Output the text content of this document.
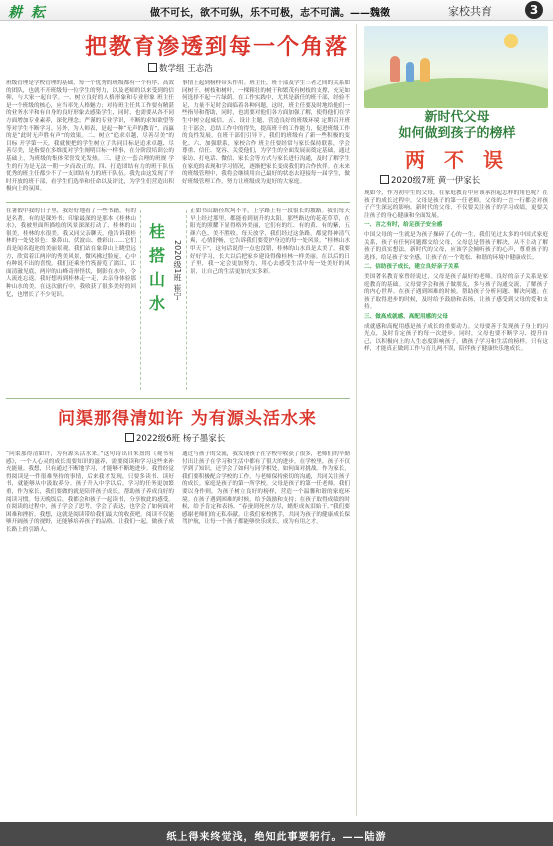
耕 耘	做不可长，欲不可纵，乐不可极，志不可满。——魏徵	家校共育	3
把教育渗透到每一个角落
数学组 王志浩
班级管理是学校管理的基础，每一个优秀的班级都有一个有序、高效的团队，也就不开班级每一位学生的努力，以及老师的以来受到的信仰，与大家一起自学。一、树立良好的人格形象和专业形象 班主任是一个班级的核心，应当率先人格魅力；对待班主任其工作要有精湛的业务水平和有自身的良好形象去感染学生，同时，也需要从各不同方面增加专业素养，深化理念；严谨的专业学识，不断的求知欲望等等对学生不断学习。另外，为人师表，是起一种“无声的教育”，而赢的是“此时无声胜有声”的效果。二、树立“追求卓越，尽善尽美”的目标 开学第一天，我就便把的学生树立了共同目标是追求卓越、尽善尽美，是指要在多维度对学生阐明目标一样事，在分阶段培训公的基础上，为班级的集体荣誉发光发热。三、建立一套合理的班规 学生的行为是无法一朝一夕而改正的。四、打造团结有力的班干队伍 优秀的班主任都少不了一支团结有力的班干队伍。我先由这发现了平时开放的班干部，看学生们选举和任命以及评比，为学生们营造出积极向上的氛围。
事情上起到榜样带头作用。班主任，班干部及学生三者之间的关系如同树干、树枝和树叶，一棵粗壮的树干和繁茂有树枝的支撑，充足如何选择不起一片绿荫。在工作实践中，尤其是新任的班干部，经验不足，力量不足时会面临着各种问题，这时，班主任要及时地给他们一些指导和帮助，同时，也需要对他们各方面加强了解，使得他们在学生中树立起威信。五、设计主题，营造良好的班级环境 定期召开班主干部会，总结工作中的得失，提高班干的工作能力，促进班级工作的良性发展。在班干部们引导下，我们的班级有了新一些积极的变化。六、加强联系，家校合作 班主任要经常与家长保持联系，学会尊重、信任、宽容、关爱他们，为学生的全面发展而奠定基础，通过家访、打电话、微信、家长会等方式与家长进行沟通，及时了解学生在家庭的表现和学习情况，逐渐把家长变成我们的合作伙伴。在未来的班级管理中，我将会继续用自己最好的状态去迎接每一届学生，做好班级管理工作，努力让班级成为更好的大家庭。
在暑假中我的日子里，我好好地看了一些书籍，有的是名著，有的是课外书；印象最深的是那本《桂林山水》，我被里面所描绘的风景深深打动了，桂林的山很美，桂林的水很美。我又同父亲聊天，他告诉我桂林的一处处景色：象鼻山、伏波山、叠彩山……它们真是闻名遐迩的美丽景观。我们站在象鼻山上眺望远方，欣赏着江两岸的秀美风景，微风拂过脸庞，心中有种说不出的喜悦。我们还乘坐竹筏游览了漓江，江面清澈见底，两岸的山峰奇形怪状，倒影在水中，令人流连忘返。我好想再到桂林走一走，去亲身体验那种山水的美。在这次旅行中，我收获了很多美好的回忆，也增长了不少见识。
桂 搭 山 水
2020级1班 崔宁
正如书山路径坎坷不平，上学路上有一段很长的坡路。我们每天早上经过那里，都能看到初升的太阳。那些路边的花花草草，在阳光的照耀下显得格外美丽，它们有的红、有的黄、有的紫，五颜六色，美不胜收。每天放学，我们经过这条路，都觉得神清气爽，心情舒畅，它告诉我们要爱护身边的每一处风景。“桂林山水甲天下”，这句话说得一点也没错，桂林的山水真是太美了。我要好好学习，长大以后把家乡建设得像桂林一样美丽。在以后的日子里，我一定会更加努力，用心去感受生活中每一处美好的风景，让自己的生活更加充实多彩。
问渠那得清如许 为有源头活水来
2022级6班 杨子墨家长
“问渠那得清如许，为有源头活水来。”这句诗出自朱熹的《观书有感》，一个人心灵的成长需要知识的滋养，需要阅读和学习这些来补充能量。我想，只有通过不断地学习，才能够不断地进步。我曾经觉得阅读是一件很难坚持的事情，后来我才发现，只要多读书、读好书，就能够从中汲取养分。孩子升入中学以后，学习的任务更加繁重，作为家长，我们要做的就是陪伴孩子成长，帮助孩子养成良好的阅读习惯。每天晚饭后，我都会和孩子一起读书，分享彼此的感受。在阅读的过程中，孩子学会了思考，学会了表达，也学会了如何面对困难和挫折。我想，这就是阅读带给我们最大的收获吧。阅读不仅能够开阔孩子的视野，还能够培养孩子的品格。让我们一起，做孩子成长路上的引路人。
通过与孩子的交流，我发现孩子在学校中收获了很多，老师们的辛勤付出让孩子在学习和生活中都有了很大的进步。在学校里，孩子不仅学到了知识，还学会了如何与同学相处，如何面对挑战。作为家长，我们要积极配合学校的工作，与老师保持密切的沟通，共同关注孩子的成长。家庭是孩子的第一所学校，父母是孩子的第一任老师。我们要以身作则，为孩子树立良好的榜样，营造一个温馨和谐的家庭环境。在孩子遇到困难的时候，给予鼓励和支持；在孩子取得成绩的时候，给予肯定和表扬。“春蚕到死丝方尽，蜡炬成灰泪始干。”我们要感谢老师们的无私奉献。让我们家校携手，共同为孩子的健康成长保驾护航，让每一个孩子都能够快乐成长，成为有用之才。
新时代父母
如何做到孩子的榜样
两 不 误
2020级7班 黄一伊家长
现如今，作为初中生的父母，在家庭教育中应该承担起怎样的角色呢？在孩子的成长过程中，父母是孩子的第一任老师，父母的一言一行都会对孩子产生深远的影响。新时代的父母，不仅要关注孩子的学习成绩，更要关注孩子的身心健康和全面发展。
一、言之有时，给足孩子安全感
中国父母的一生就是为孩子操碎了心的一生，我们见过太多的中国式家庭关系，孩子有任何问题都交给父母，父母总是替孩子解决，从不主动了解孩子的真实想法。新时代的父母，应该学会倾听孩子的心声，尊重孩子的选择，给足孩子安全感，让孩子在一个宽松、和谐的环境中健康成长。
二、信助孩子成长，建立良好亲子关系
美国著名教育家曾经说过，父母是孩子最好的老师。良好的亲子关系是家庭教育的基础。父母要学会和孩子做朋友，多与孩子沟通交流，了解孩子的内心世界。在孩子遇到困难的时候，帮助孩子分析问题、解决问题；在孩子取得进步的时候，及时给予鼓励和表扬，让孩子感受到父母的爱和支持。
三、做高成就感、高配用感的父母
成就感和高配用感是孩子成长的重要动力。父母要善于发现孩子身上的闪光点，及时肯定孩子的每一次进步。同时，父母也要不断学习、提升自己，以积极向上的人生态度影响孩子，做孩子学习和生活的榜样。只有这样，才能真正做到工作与育儿两不误，陪伴孩子健康快乐地成长。
纸上得来终觉浅，绝知此事要躬行。——陆游
